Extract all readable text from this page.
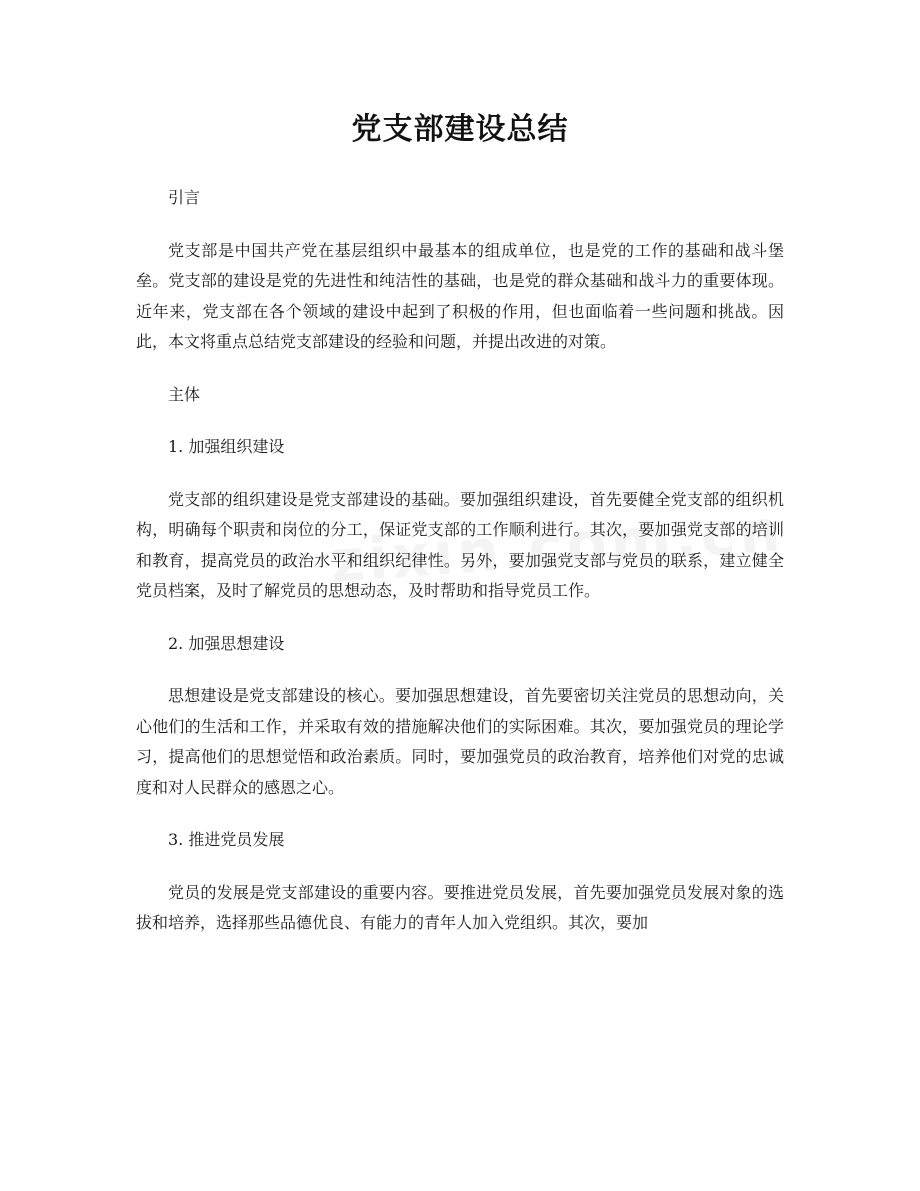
党支部建设总结

引言

党支部是中国共产党在基层组织中最基本的组成单位，也是党的工作的基础和战斗堡垒。党支部的建设是党的先进性和纯洁性的基础，也是党的群众基础和战斗力的重要体现。近年来，党支部在各个领域的建设中起到了积极的作用，但也面临着一些问题和挑战。因此，本文将重点总结党支部建设的经验和问题，并提出改进的对策。

主体

1. 加强组织建设

党支部的组织建设是党支部建设的基础。要加强组织建设，首先要健全党支部的组织机构，明确每个职责和岗位的分工，保证党支部的工作顺利进行。其次，要加强党支部的培训和教育，提高党员的政治水平和组织纪律性。另外，要加强党支部与党员的联系，建立健全党员档案，及时了解党员的思想动态，及时帮助和指导党员工作。

2. 加强思想建设

思想建设是党支部建设的核心。要加强思想建设，首先要密切关注党员的思想动向，关心他们的生活和工作，并采取有效的措施解决他们的实际困难。其次，要加强党员的理论学习，提高他们的思想觉悟和政治素质。同时，要加强党员的政治教育，培养他们对党的忠诚度和对人民群众的感恩之心。

3. 推进党员发展

党员的发展是党支部建设的重要内容。要推进党员发展，首先要加强党员发展对象的选拔和培养，选择那些品德优良、有能力的青年人加入党组织。其次，要加
